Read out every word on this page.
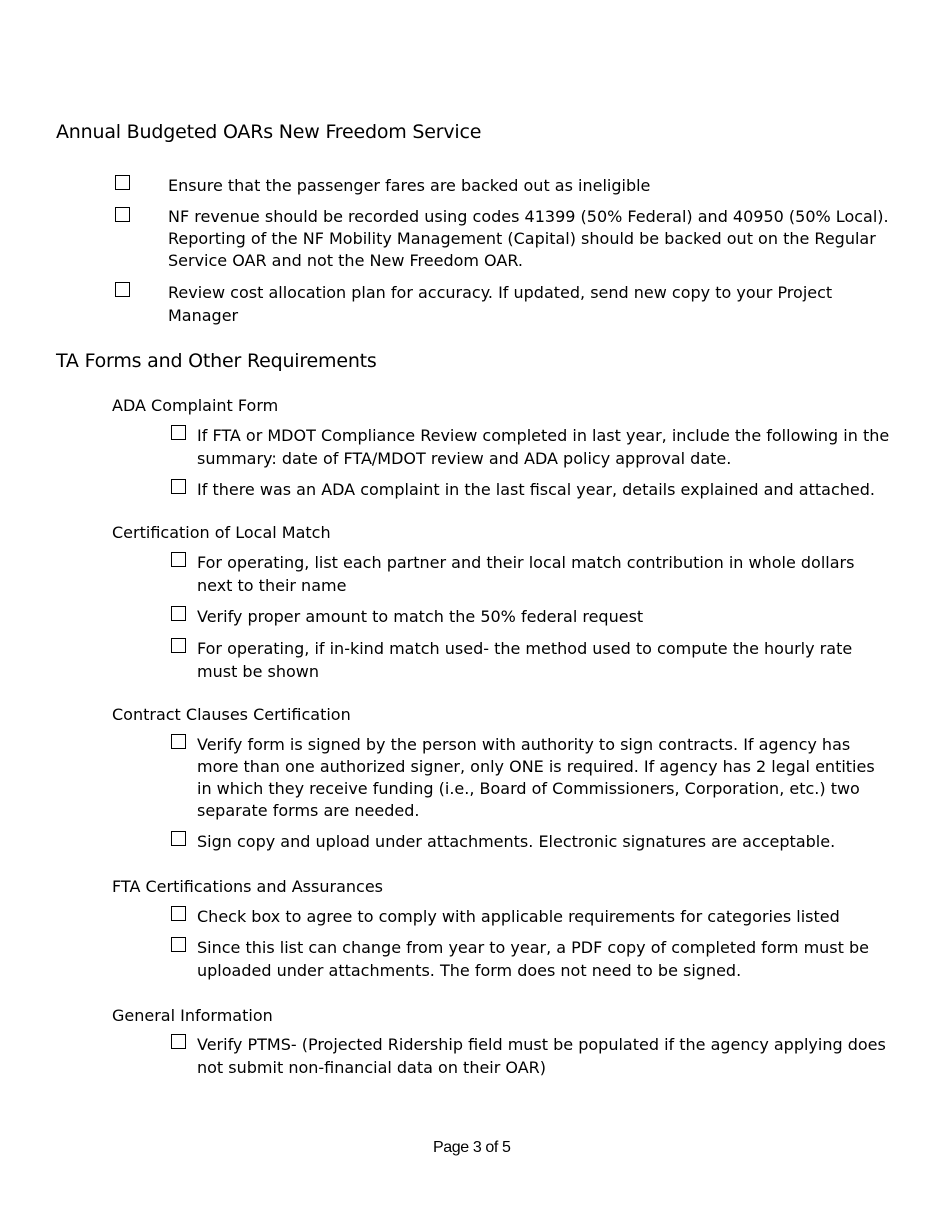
Annual Budgeted OARs New Freedom Service
Ensure that the passenger fares are backed out as ineligible
NF revenue should be recorded using codes 41399 (50% Federal) and 40950 (50% Local). Reporting of the NF Mobility Management (Capital) should be backed out on the Regular Service OAR and not the New Freedom OAR.
Review cost allocation plan for accuracy. If updated, send new copy to your Project Manager
TA Forms and Other Requirements
ADA Complaint Form
If FTA or MDOT Compliance Review completed in last year, include the following in the summary: date of FTA/MDOT review and ADA policy approval date.
If there was an ADA complaint in the last fiscal year, details explained and attached.
Certification of Local Match
For operating, list each partner and their local match contribution in whole dollars next to their name
Verify proper amount to match the 50% federal request
For operating, if in-kind match used- the method used to compute the hourly rate must be shown
Contract Clauses Certification
Verify form is signed by the person with authority to sign contracts. If agency has more than one authorized signer, only ONE is required. If agency has 2 legal entities in which they receive funding (i.e., Board of Commissioners, Corporation, etc.) two separate forms are needed.
Sign copy and upload under attachments. Electronic signatures are acceptable.
FTA Certifications and Assurances
Check box to agree to comply with applicable requirements for categories listed
Since this list can change from year to year, a PDF copy of completed form must be uploaded under attachments. The form does not need to be signed.
General Information
Verify PTMS- (Projected Ridership field must be populated if the agency applying does not submit non-financial data on their OAR)
Page 3 of 5
